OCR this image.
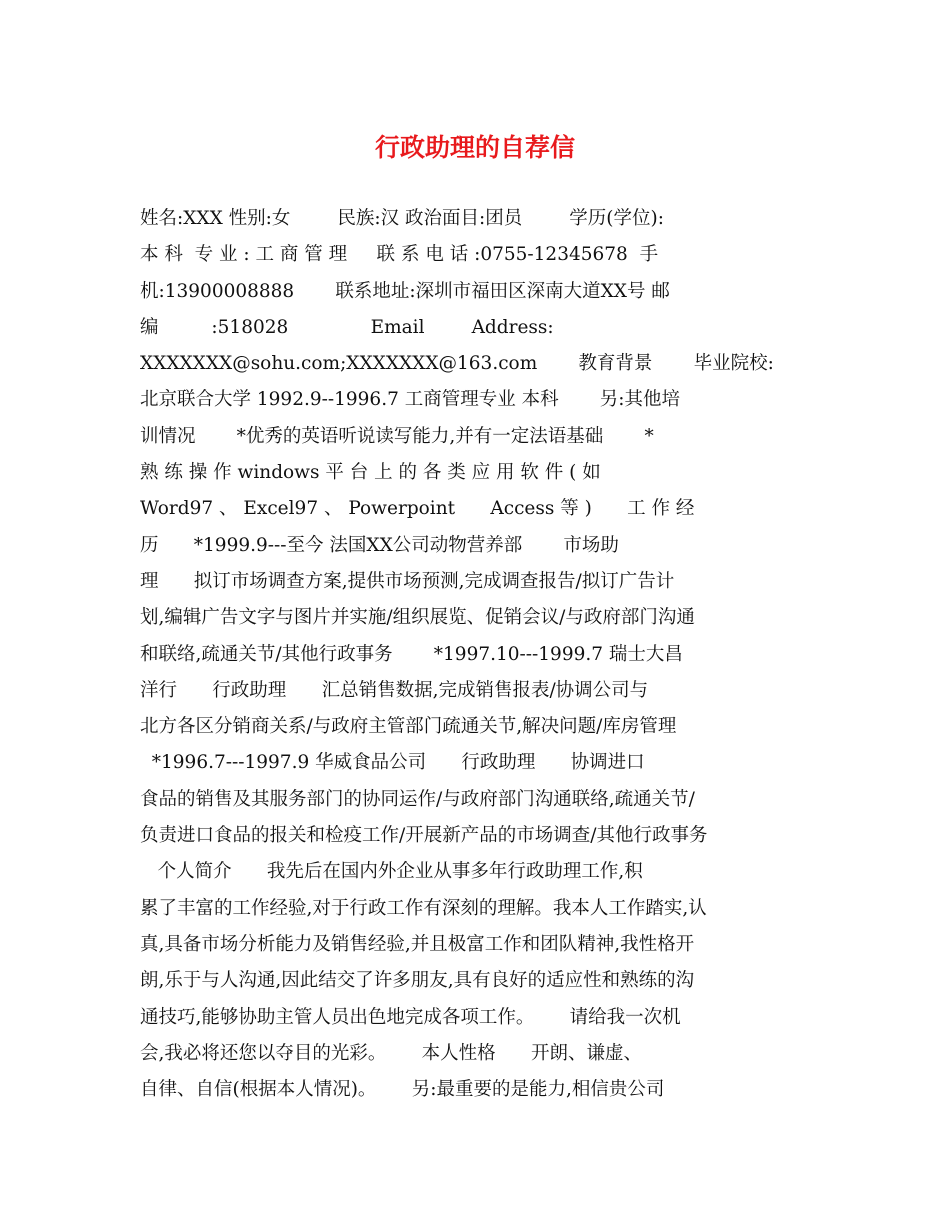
行政助理的自荐信
姓名:XXX 性别:女        民族:汉 政治面目:团员        学历(学位):
本 科  专 业 : 工 商 管 理     联 系 电 话 :0755-12345678  手
机:13900008888       联系地址:深圳市福田区深南大道XX号 邮
编         :518028              Email        Address:
XXXXXXX@sohu.com;XXXXXXX@163.com       教育背景       毕业院校:
北京联合大学 1992.9--1996.7 工商管理专业 本科       另:其他培
训情况       *优秀的英语听说读写能力,并有一定法语基础       *
熟 练 操 作 windows 平 台 上 的 各 类 应 用 软 件 ( 如
Word97 、 Excel97 、 Powerpoint      Access 等 )      工 作 经
历      *1999.9---至今 法国XX公司动物营养部       市场助
理      拟订市场调查方案,提供市场预测,完成调查报告/拟订广告计
划,编辑广告文字与图片并实施/组织展览、促销会议/与政府部门沟通
和联络,疏通关节/其他行政事务       *1997.10---1999.7 瑞士大昌
洋行      行政助理      汇总销售数据,完成销售报表/协调公司与
北方各区分销商关系/与政府主管部门疏通关节,解决问题/库房管理
*1996.7---1997.9 华威食品公司      行政助理      协调进口
食品的销售及其服务部门的协同运作/与政府部门沟通联络,疏通关节/
负责进口食品的报关和检疫工作/开展新产品的市场调查/其他行政事务
个人简介      我先后在国内外企业从事多年行政助理工作,积
累了丰富的工作经验,对于行政工作有深刻的理解。我本人工作踏实,认
真,具备市场分析能力及销售经验,并且极富工作和团队精神,我性格开
朗,乐于与人沟通,因此结交了许多朋友,具有良好的适应性和熟练的沟
通技巧,能够协助主管人员出色地完成各项工作。      请给我一次机
会,我必将还您以夺目的光彩。      本人性格      开朗、谦虚、
自律、自信(根据本人情况)。      另:最重要的是能力,相信贵公司
